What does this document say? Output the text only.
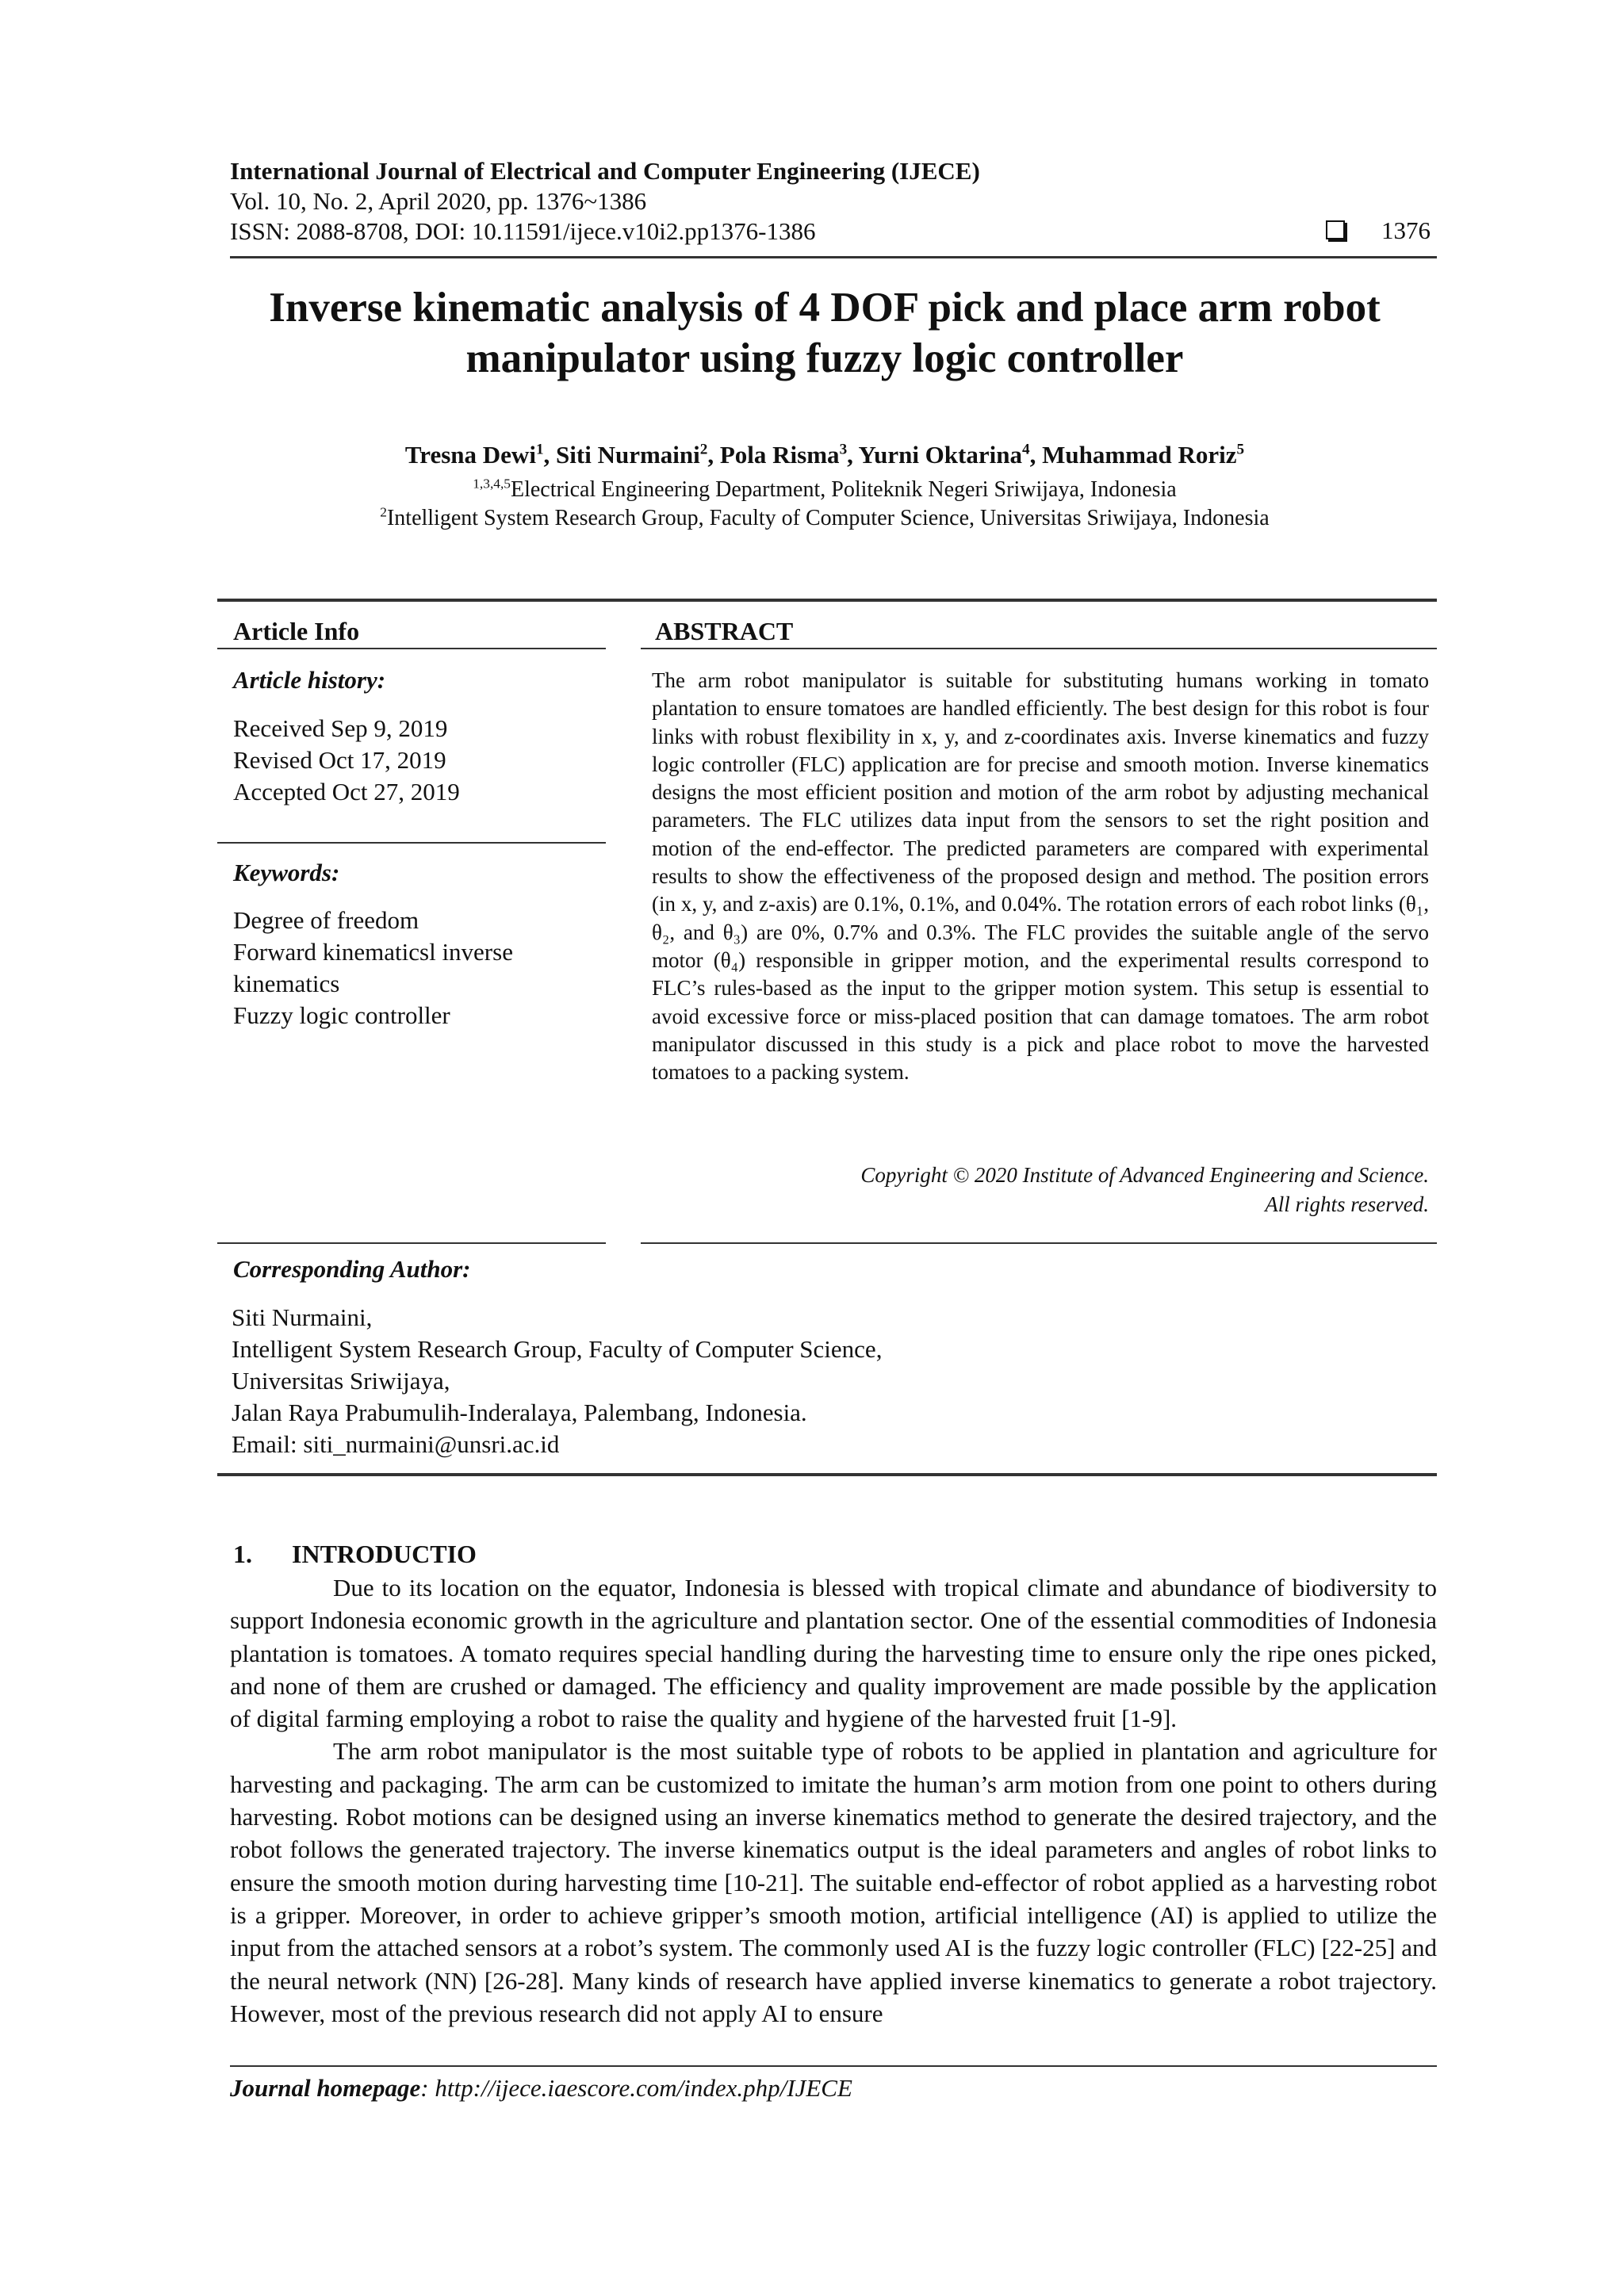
International Journal of Electrical and Computer Engineering (IJECE)
Vol. 10, No. 2, April 2020, pp. 1376~1386
ISSN: 2088-8708, DOI: 10.11591/ijece.v10i2.pp1376-1386	1376
Inverse kinematic analysis of 4 DOF pick and place arm robot
manipulator using fuzzy logic controller
Tresna Dewi$^1$, Siti Nurmaini$^2$, Pola Risma$^3$, Yurni Oktarina$^4$, Muhammad Roriz$^5$
$^{1,3,4,5}$Electrical Engineering Department, Politeknik Negeri Sriwijaya, Indonesia
$^2$Intelligent System Research Group, Faculty of Computer Science, Universitas Sriwijaya, Indonesia
Article Info
Article history:
Received Sep 9, 2019
Revised Oct 17, 2019
Accepted Oct 27, 2019
Keywords:
Degree of freedom
Forward kinematicsl inverse
kinematics
Fuzzy logic controller
ABSTRACT
The arm robot manipulator is suitable for substituting humans working in tomato plantation to ensure tomatoes are handled efficiently. The best design for this robot is four links with robust flexibility in x, y, and z-coordinates axis. Inverse kinematics and fuzzy logic controller (FLC) application are for precise and smooth motion. Inverse kinematics designs the most efficient position and motion of the arm robot by adjusting mechanical parameters. The FLC utilizes data input from the sensors to set the right position and motion of the end-effector. The predicted parameters are compared with experimental results to show the effectiveness of the proposed design and method. The position errors (in x, y, and z-axis) are 0.1%, 0.1%, and 0.04%. The rotation errors of each robot links (θ₁, θ₂, and θ₃) are 0%, 0.7% and 0.3%. The FLC provides the suitable angle of the servo motor (θ₄) responsible in gripper motion, and the experimental results correspond to FLC’s rules-based as the input to the gripper motion system. This setup is essential to avoid excessive force or miss-placed position that can damage tomatoes. The arm robot manipulator discussed in this study is a pick and place robot to move the harvested tomatoes to a packing system.
Copyright © 2020 Institute of Advanced Engineering and Science.
All rights reserved.
Corresponding Author:
Siti Nurmaini,
Intelligent System Research Group, Faculty of Computer Science,
Universitas Sriwijaya,
Jalan Raya Prabumulih-Inderalaya, Palembang, Indonesia.
Email: siti_nurmaini@unsri.ac.id
1. INTRODUCTIO

Due to its location on the equator, Indonesia is blessed with tropical climate and abundance of biodiversity to support Indonesia economic growth in the agriculture and plantation sector. One of the essential commodities of Indonesia plantation is tomatoes. A tomato requires special handling during the harvesting time to ensure only the ripe ones picked, and none of them are crushed or damaged. The efficiency and quality improvement are made possible by the application of digital farming employing a robot to raise the quality and hygiene of the harvested fruit [1-9].

The arm robot manipulator is the most suitable type of robots to be applied in plantation and agriculture for harvesting and packaging. The arm can be customized to imitate the human’s arm motion from one point to others during harvesting. Robot motions can be designed using an inverse kinematics method to generate the desired trajectory, and the robot follows the generated trajectory. The inverse kinematics output is the ideal parameters and angles of robot links to ensure the smooth motion during harvesting time [10-21]. The suitable end-effector of robot applied as a harvesting robot is a gripper. Moreover, in order to achieve gripper’s smooth motion, artificial intelligence (AI) is applied to utilize the input from the attached sensors at a robot’s system. The commonly used AI is the fuzzy logic controller (FLC) [22-25] and the neural network (NN) [26-28]. Many kinds of research have applied inverse kinematics to generate a robot trajectory. However, most of the previous research did not apply AI to ensure

Journal homepage: http://ijece.iaescore.com/index.php/IJECE
